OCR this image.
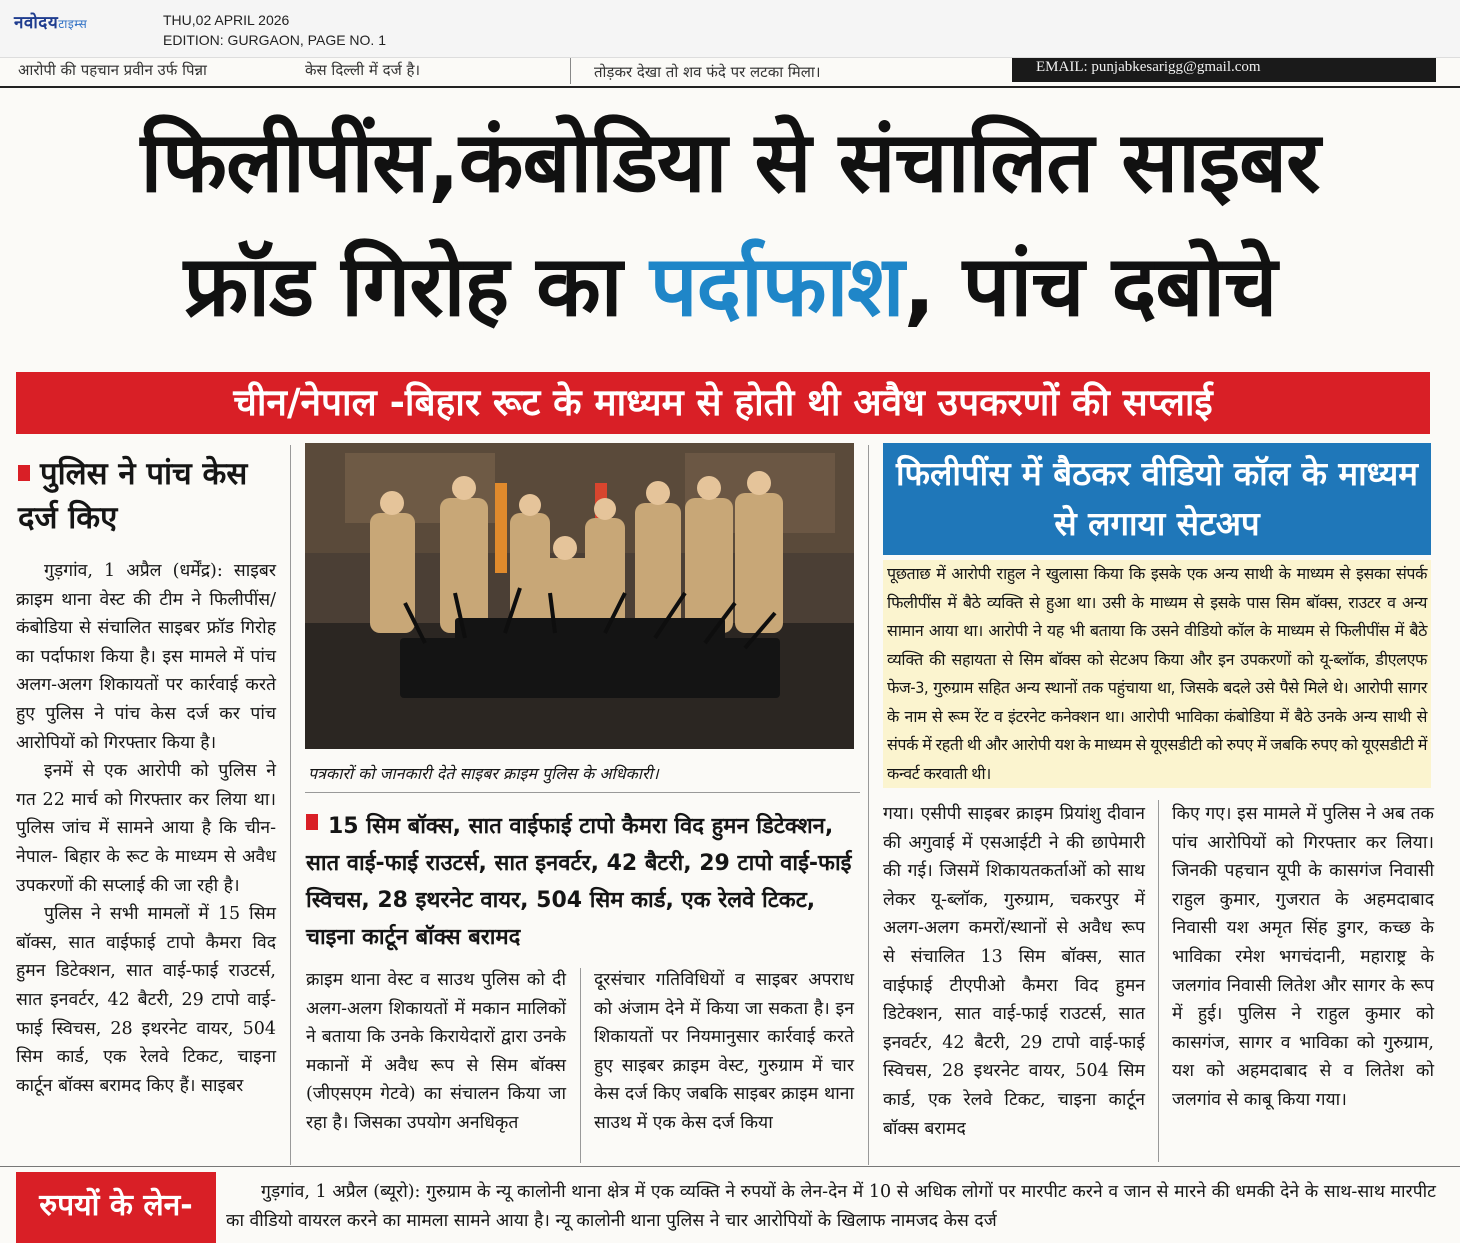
नवोदयटाइम्स	THU,02 APRIL 2026
EDITION: GURGAON, PAGE NO. 1
आरोपी की पहचान प्रवीन उर्फ पिन्ना	केस दिल्ली में दर्ज है।	तोड़कर देखा तो शव फंदे पर लटका मिला।	EMAIL: punjabkesarigg@gmail.com
फिलीपींस,कंबोडिया से संचालित साइबर
फ्रॉड गिरोह का पर्दाफाश, पांच दबोचे
चीन/नेपाल -बिहार रूट के माध्यम से होती थी अवैध उपकरणों की सप्लाई
पुलिस ने पांच केस दर्ज किए

गुड़गांव, 1 अप्रैल (धर्मेंद्र): साइबर क्राइम थाना वेस्ट की टीम ने फिलीपींस/कंबोडिया से संचालित साइबर फ्रॉड गिरोह का पर्दाफाश किया है। इस मामले में पांच अलग-अलग शिकायतों पर कार्रवाई करते हुए पुलिस ने पांच केस दर्ज कर पांच आरोपियों को गिरफ्तार किया है।

इनमें से एक आरोपी को पुलिस ने गत 22 मार्च को गिरफ्तार कर लिया था। पुलिस जांच में सामने आया है कि चीन-नेपाल- बिहार के रूट के माध्यम से अवैध उपकरणों की सप्लाई की जा रही है।

पुलिस ने सभी मामलों में 15 सिम बॉक्स, सात वाईफाई टापो कैमरा विद हुमन डिटेक्शन, सात वाई-फाई राउटर्स, सात इनवर्टर, 42 बैटरी, 29 टापो वाई-फाई स्विचस, 28 इथरनेट वायर, 504 सिम कार्ड, एक रेलवे टिकट, चाइना कार्टून बॉक्स बरामद किए हैं। साइबर

पत्रकारों को जानकारी देते साइबर क्राइम पुलिस के अधिकारी।
15 सिम बॉक्स, सात वाईफाई टापो कैमरा विद हुमन डिटेक्शन, सात वाई-फाई राउटर्स, सात इनवर्टर, 42 बैटरी, 29 टापो वाई-फाई स्विचस, 28 इथरनेट वायर, 504 सिम कार्ड, एक रेलवे टिकट, चाइना कार्टून बॉक्स बरामद

क्राइम थाना वेस्ट व साउथ पुलिस को दी अलग-अलग शिकायतों में मकान मालिकों ने बताया कि उनके किरायेदारों द्वारा उनके मकानों में अवैध रूप से सिम बॉक्स (जीएसएम गेटवे) का संचालन किया जा रहा है। जिसका उपयोग अनधिकृत

दूरसंचार गतिविधियों व साइबर अपराध को अंजाम देने में किया जा सकता है। इन शिकायतों पर नियमानुसार कार्रवाई करते हुए साइबर क्राइम वेस्ट, गुरुग्राम में चार केस दर्ज किए जबकि साइबर क्राइम थाना साउथ में एक केस दर्ज किया

फिलीपींस में बैठकर वीडियो कॉल के माध्यम से लगाया सेटअप
पूछताछ में आरोपी राहुल ने खुलासा किया कि इसके एक अन्य साथी के माध्यम से इसका संपर्क फिलीपींस में बैठे व्यक्ति से हुआ था। उसी के माध्यम से इसके पास सिम बॉक्स, राउटर व अन्य सामान आया था। आरोपी ने यह भी बताया कि उसने वीडियो कॉल के माध्यम से फिलीपींस में बैठे व्यक्ति की सहायता से सिम बॉक्स को सेटअप किया और इन उपकरणों को यू-ब्लॉक, डीएलएफ फेज-3, गुरुग्राम सहित अन्य स्थानों तक पहुंचाया था, जिसके बदले उसे पैसे मिले थे। आरोपी सागर के नाम से रूम रेंट व इंटरनेट कनेक्शन था। आरोपी भाविका कंबोडिया में बैठे उनके अन्य साथी से संपर्क में रहती थी और आरोपी यश के माध्यम से यूएसडीटी को रुपए में जबकि रुपए को यूएसडीटी में कन्वर्ट करवाती थी।

गया। एसीपी साइबर क्राइम प्रियांशु दीवान की अगुवाई में एसआईटी ने की छापेमारी की गई। जिसमें शिकायतकर्ताओं को साथ लेकर यू-ब्लॉक, गुरुग्राम, चकरपुर में अलग-अलग कमरों/स्थानों से अवैध रूप से संचालित 13 सिम बॉक्स, सात वाईफाई टीएपीओ कैमरा विद हुमन डिटेक्शन, सात वाई-फाई राउटर्स, सात इनवर्टर, 42 बैटरी, 29 टापो वाई-फाई स्विचस, 28 इथरनेट वायर, 504 सिम कार्ड, एक रेलवे टिकट, चाइना कार्टून बॉक्स बरामद

किए गए। इस मामले में पुलिस ने अब तक पांच आरोपियों को गिरफ्तार कर लिया। जिनकी पहचान यूपी के कासगंज निवासी राहुल कुमार, गुजरात के अहमदाबाद निवासी यश अमृत सिंह डुगर, कच्छ के भाविका रमेश भगचंदानी, महाराष्ट्र के जलगांव निवासी लितेश और सागर के रूप में हुई। पुलिस ने राहुल कुमार को कासगंज, सागर व भाविका को गुरुग्राम, यश को अहमदाबाद से व लितेश को जलगांव से काबू किया गया।

रुपयों के लेन-	गुड़गांव, 1 अप्रैल (ब्यूरो): गुरुग्राम के न्यू कालोनी थाना क्षेत्र में एक व्यक्ति ने रुपयों के लेन-देन में 10 से अधिक लोगों पर मारपीट करने व जान से मारने की धमकी देने के साथ-साथ मारपीट का वीडियो वायरल करने का मामला सामने आया है। न्यू कालोनी थाना पुलिस ने चार आरोपियों के खिलाफ नामजद केस दर्ज
